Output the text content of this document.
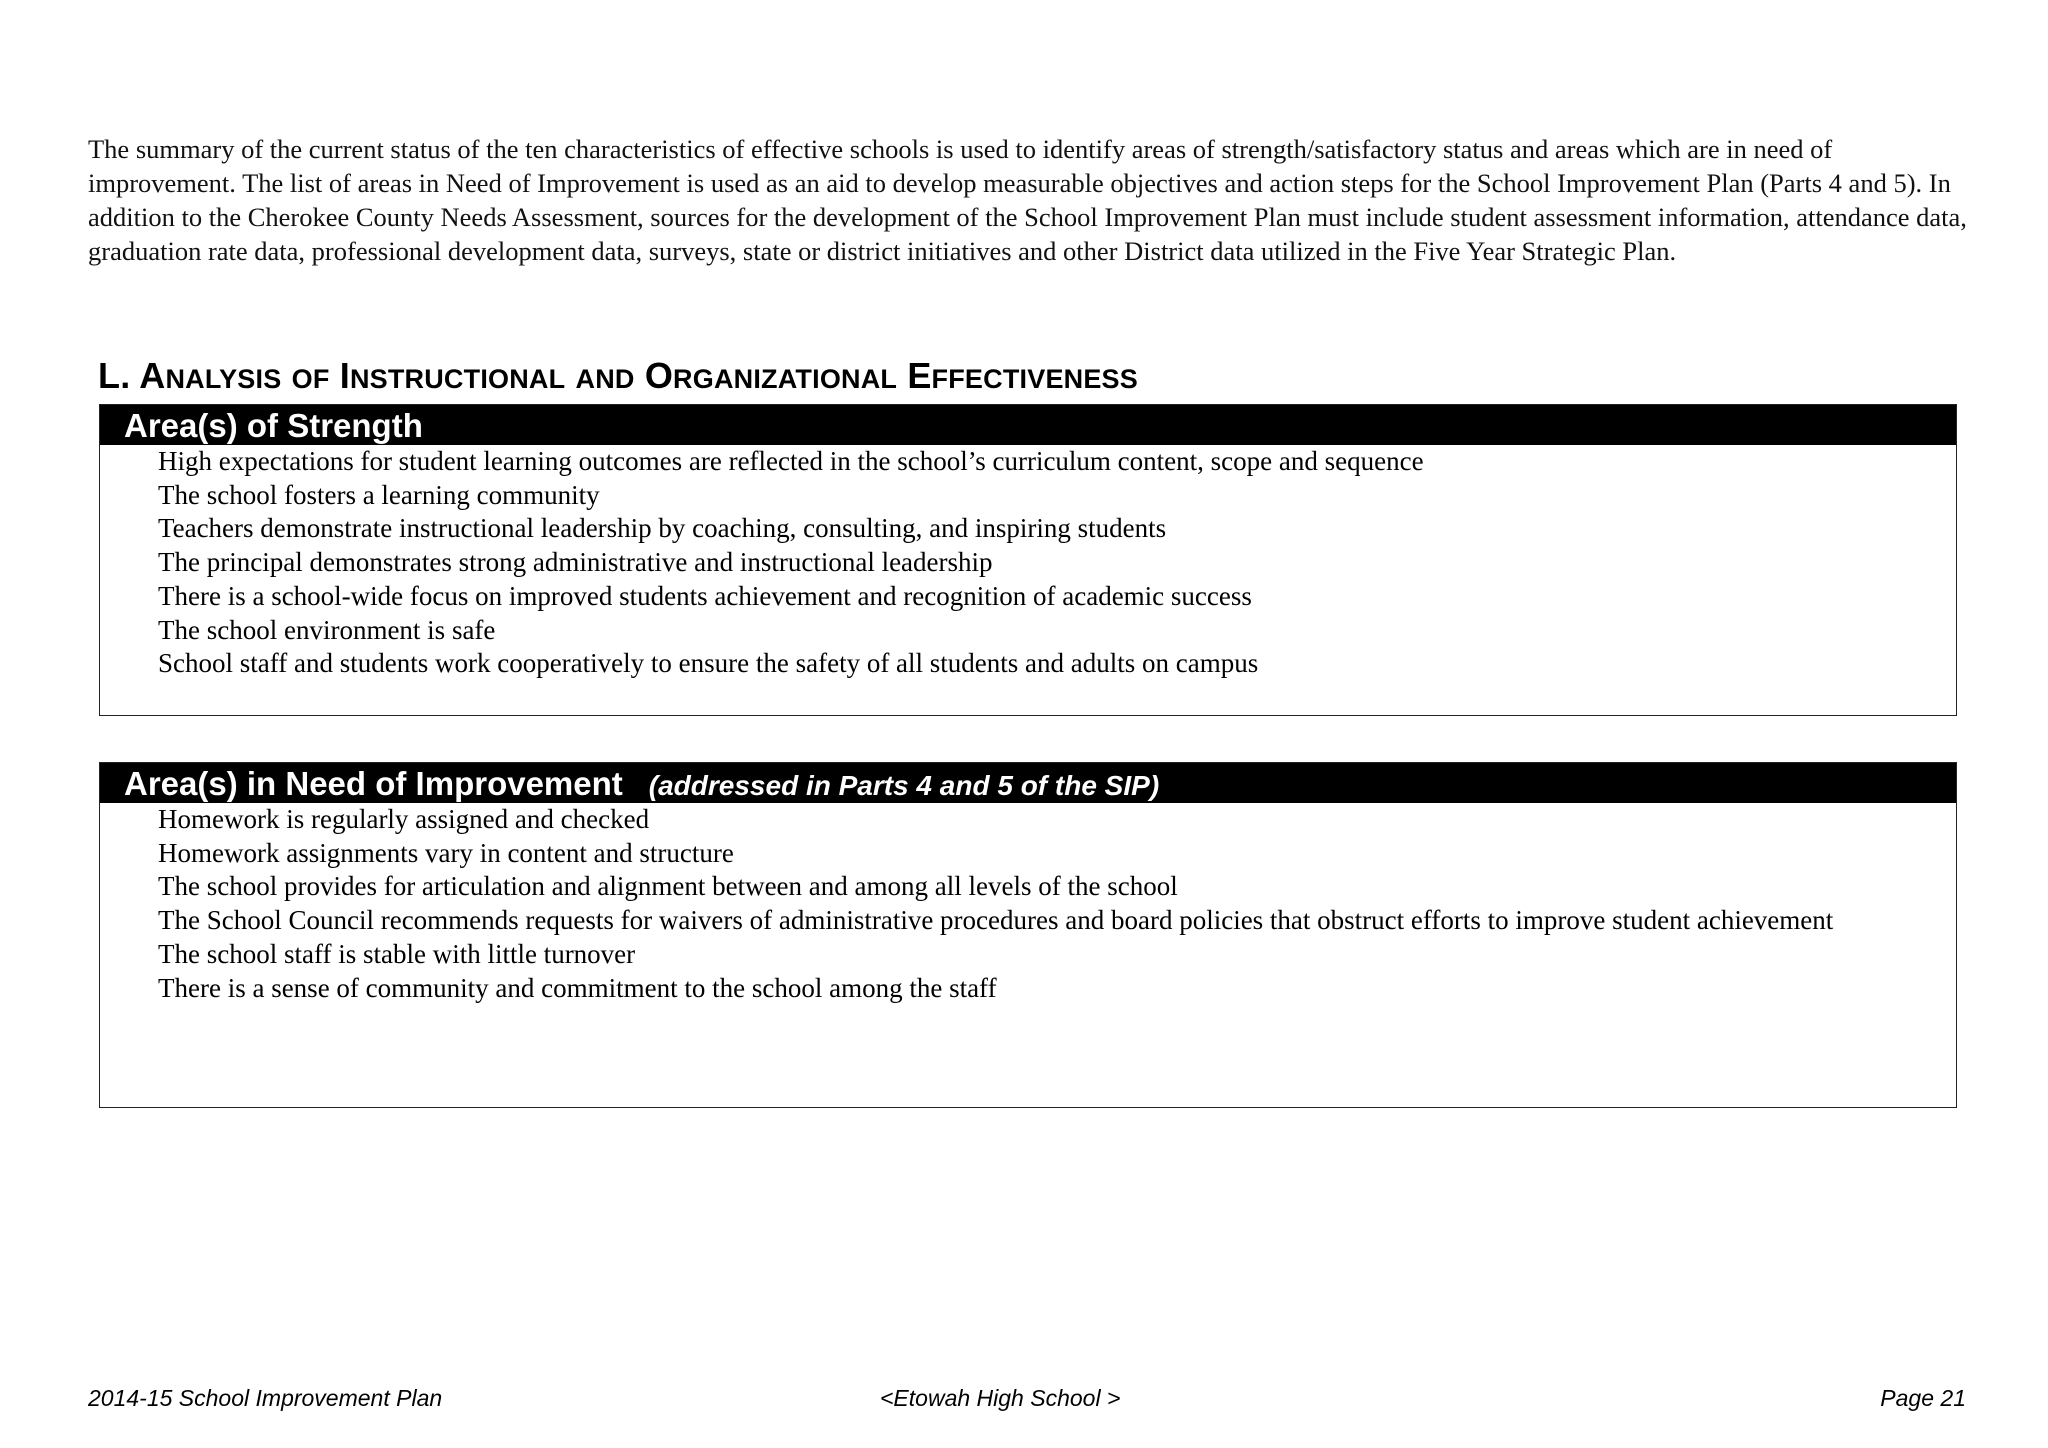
The summary of the current status of the ten characteristics of effective schools is used to identify areas of strength/satisfactory status and areas which are in need of improvement. The list of areas in Need of Improvement is used as an aid to develop measurable objectives and action steps for the School Improvement Plan (Parts 4 and 5). In addition to the Cherokee County Needs Assessment, sources for the development of the School Improvement Plan must include student assessment information, attendance data, graduation rate data, professional development data, surveys, state or district initiatives and other District data utilized in the Five Year Strategic Plan.

L. ANALYSIS OF INSTRUCTIONAL AND ORGANIZATIONAL EFFECTIVENESS
Area(s) of Strength
High expectations for student learning outcomes are reflected in the school’s curriculum content, scope and sequence
The school fosters a learning community
Teachers demonstrate instructional leadership by coaching, consulting, and inspiring students
The principal demonstrates strong administrative and instructional leadership
There is a school-wide focus on improved students achievement and recognition of academic success
The school environment is safe
School staff and students work cooperatively to ensure the safety of all students and adults on campus
Area(s) in Need of Improvement (addressed in Parts 4 and 5 of the SIP)
Homework is regularly assigned and checked
Homework assignments vary in content and structure
The school provides for articulation and alignment between and among all levels of the school
The School Council recommends requests for waivers of administrative procedures and board policies that obstruct efforts to improve student achievement
The school staff is stable with little turnover
There is a sense of community and commitment to the school among the staff
2014-15 School Improvement Plan	<Etowah High School >	Page 21
